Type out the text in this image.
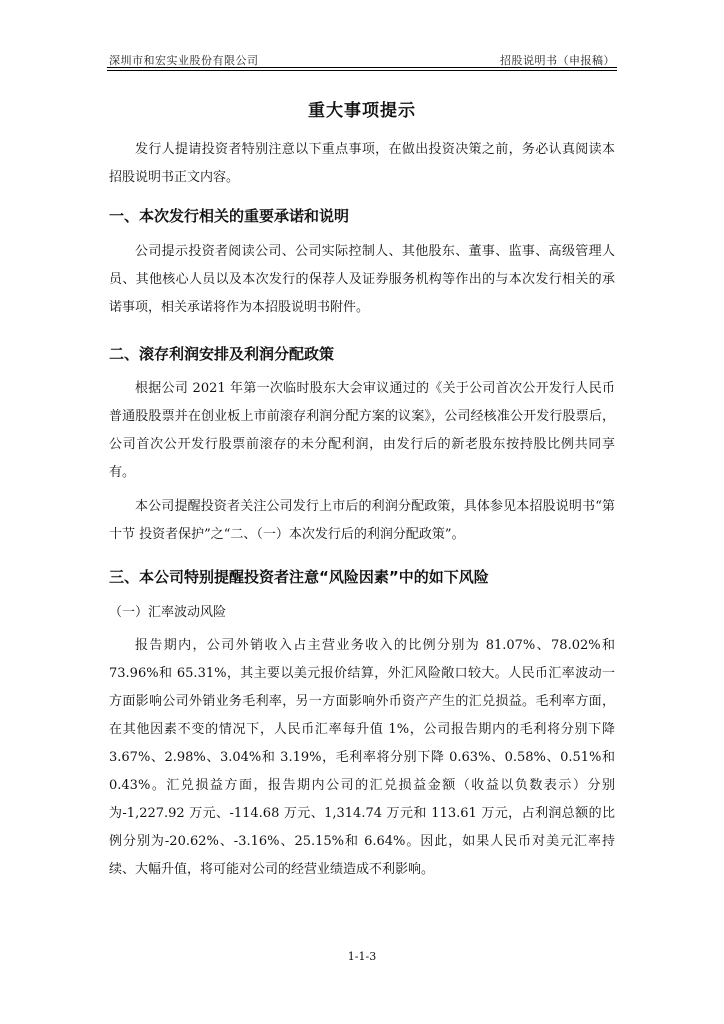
深圳市和宏实业股份有限公司	招股说明书（申报稿）
重大事项提示
发行人提请投资者特别注意以下重点事项，在做出投资决策之前，务必认真阅读本招股说明书正文内容。
一、本次发行相关的重要承诺和说明
公司提示投资者阅读公司、公司实际控制人、其他股东、董事、监事、高级管理人员、其他核心人员以及本次发行的保荐人及证券服务机构等作出的与本次发行相关的承诺事项，相关承诺将作为本招股说明书附件。
二、滚存利润安排及利润分配政策
根据公司 2021 年第一次临时股东大会审议通过的《关于公司首次公开发行人民币普通股股票并在创业板上市前滚存利润分配方案的议案》，公司经核准公开发行股票后，公司首次公开发行股票前滚存的未分配利润，由发行后的新老股东按持股比例共同享有。
本公司提醒投资者关注公司发行上市后的利润分配政策，具体参见本招股说明书“第十节 投资者保护”之“二、（一）本次发行后的利润分配政策”。
三、本公司特别提醒投资者注意“风险因素”中的如下风险
（一）汇率波动风险
报告期内，公司外销收入占主营业务收入的比例分别为 81.07%、78.02%和 73.96%和 65.31%，其主要以美元报价结算，外汇风险敞口较大。人民币汇率波动一方面影响公司外销业务毛利率，另一方面影响外币资产产生的汇兑损益。毛利率方面，在其他因素不变的情况下，人民币汇率每升值 1%，公司报告期内的毛利将分别下降 3.67%、2.98%、3.04%和 3.19%，毛利率将分别下降 0.63%、0.58%、0.51%和 0.43%。汇兑损益方面，报告期内公司的汇兑损益金额（收益以负数表示）分别为-1,227.92 万元、-114.68 万元、1,314.74 万元和 113.61 万元，占利润总额的比例分别为-20.62%、-3.16%、25.15%和 6.64%。因此，如果人民币对美元汇率持续、大幅升值，将可能对公司的经营业绩造成不利影响。
1-1-3
